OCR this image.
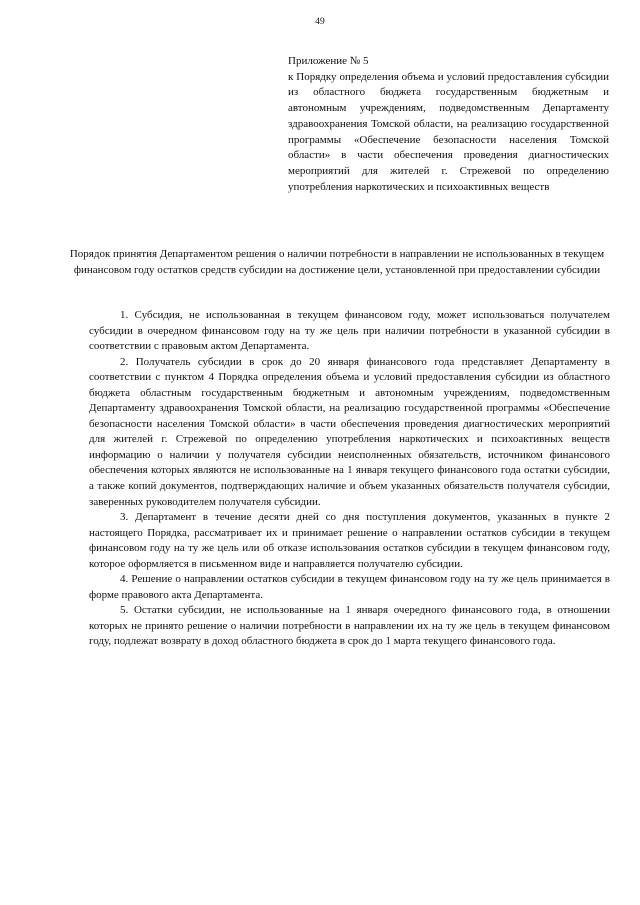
49

Приложение № 5

к Порядку определения объема и условий предоставления субсидии из областного бюджета государственным бюджетным и автономным учреждениям, подведомственным Департаменту здравоохранения Томской области, на реализацию государственной программы «Обеспечение безопасности населения Томской области» в части обеспечения проведения диагностических мероприятий для жителей г. Стрежевой по определению употребления наркотических и психоактивных веществ

Порядок принятия Департаментом решения о наличии потребности в направлении не использованных в текущем финансовом году остатков средств субсидии на достижение цели, установленной при предоставлении субсидии

1. Субсидия, не использованная в текущем финансовом году, может использоваться получателем субсидии в очередном финансовом году на ту же цель при наличии потребности в указанной субсидии в соответствии с правовым актом Департамента.

2. Получатель субсидии в срок до 20 января финансового года представляет Департаменту в соответствии с пунктом 4 Порядка определения объема и условий предоставления субсидии из областного бюджета областным государственным бюджетным и автономным учреждениям, подведомственным Департаменту здравоохранения Томской области, на реализацию государственной программы «Обеспечение безопасности населения Томской области» в части обеспечения проведения диагностических мероприятий для жителей г. Стрежевой по определению употребления наркотических и психоактивных веществ информацию о наличии у получателя субсидии неисполненных обязательств, источником финансового обеспечения которых являются не использованные на 1 января текущего финансового года остатки субсидии, а также копий документов, подтверждающих наличие и объем указанных обязательств получателя субсидии, заверенных руководителем получателя субсидии.

3. Департамент в течение десяти дней со дня поступления документов, указанных в пункте 2 настоящего Порядка, рассматривает их и принимает решение о направлении остатков субсидии в текущем финансовом году на ту же цель или об отказе использования остатков субсидии в текущем финансовом году, которое оформляется в письменном виде и направляется получателю субсидии.

4. Решение о направлении остатков субсидии в текущем финансовом году на ту же цель принимается в форме правового акта Департамента.

5. Остатки субсидии, не использованные на 1 января очередного финансового года, в отношении которых не принято решение о наличии потребности в направлении их на ту же цель в текущем финансовом году, подлежат возврату в доход областного бюджета в срок до 1 марта текущего финансового года.
